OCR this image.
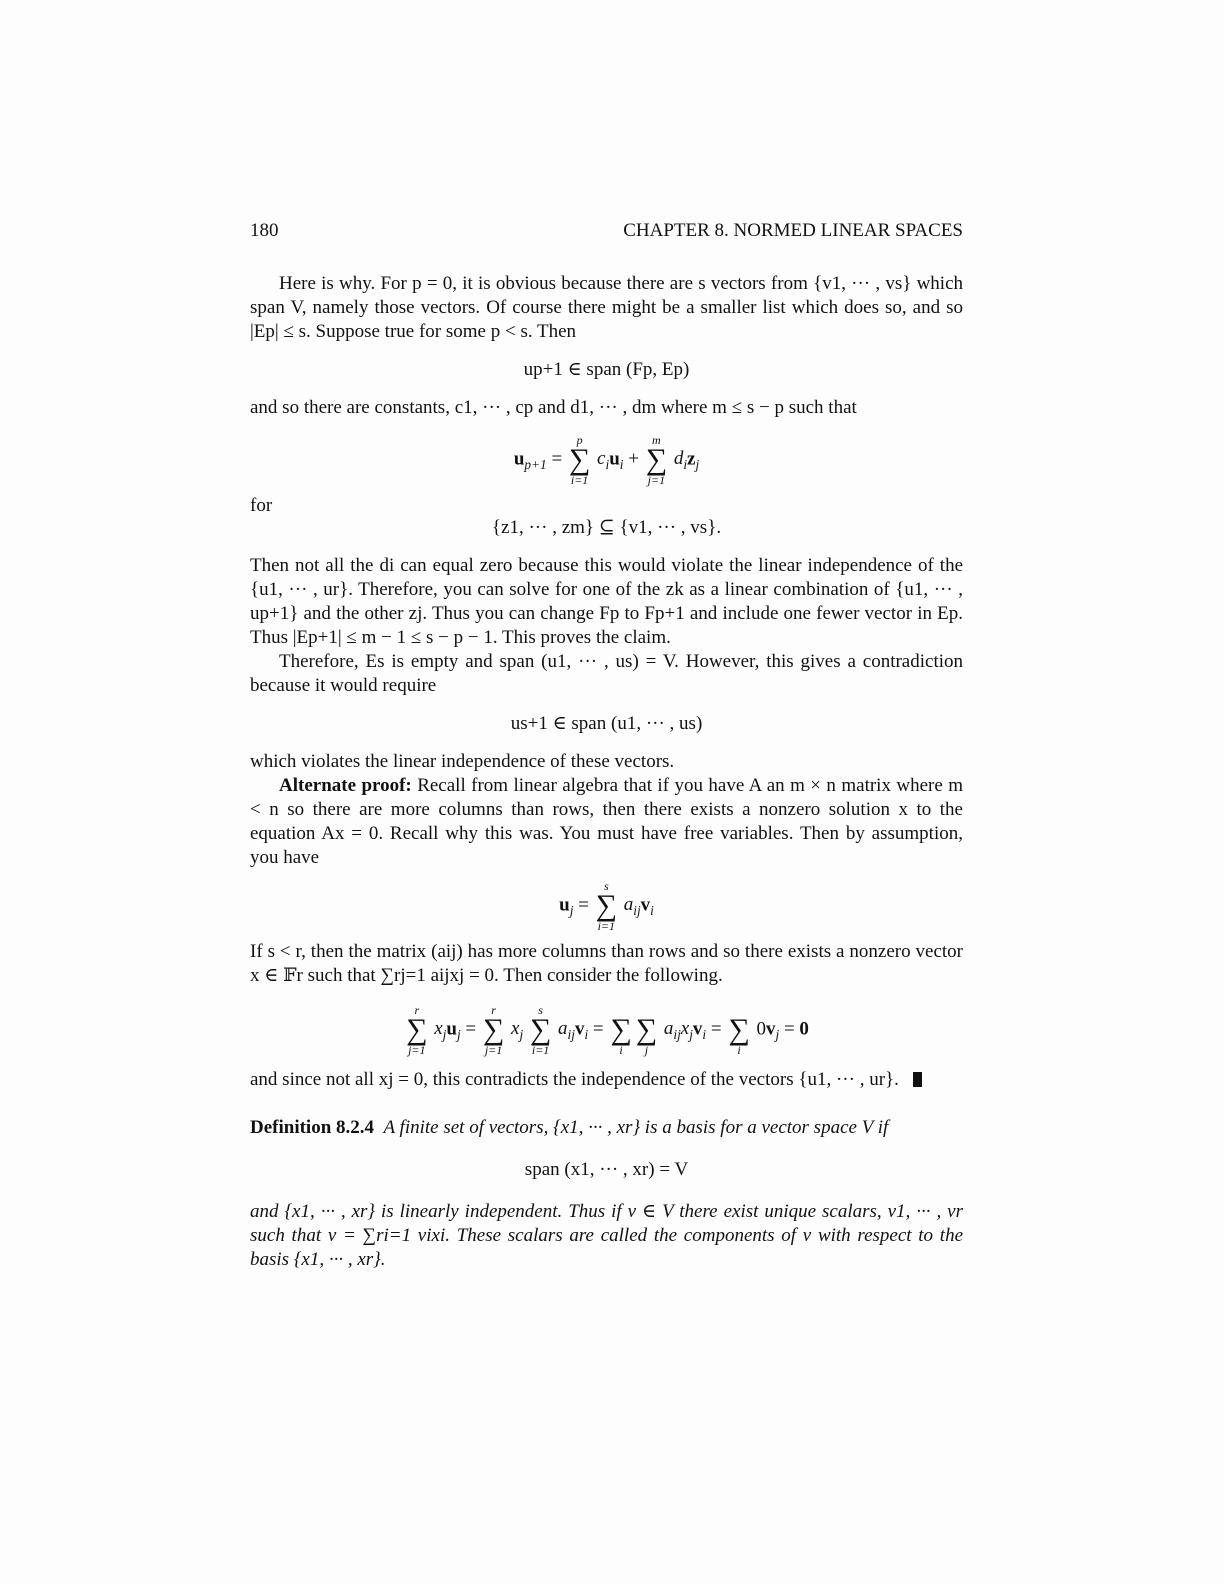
180	CHAPTER 8. NORMED LINEAR SPACES

Here is why. For p = 0, it is obvious because there are s vectors from {v1, ··· , vs} which span V, namely those vectors. Of course there might be a smaller list which does so, and so |Ep| ≤ s. Suppose true for some p < s. Then

up+1 ∈ span (Fp, Ep)

and so there are constants, c1, ··· , cp and d1, ··· , dm where m ≤ s − p such that

$u_{p+1}$ =
p
∑
i=1
$c_iu_i$ +
m
∑
j=1
$d_iz_j$

for

{z1, ··· , zm} ⊆ {v1, ··· , vs}.

Then not all the di can equal zero because this would violate the linear independence of the {u1, ··· , ur}. Therefore, you can solve for one of the zk as a linear combination of {u1, ··· , up+1} and the other zj. Thus you can change Fp to Fp+1 and include one fewer vector in Ep. Thus |Ep+1| ≤ m − 1 ≤ s − p − 1. This proves the claim.

Therefore, Es is empty and span (u1, ··· , us) = V. However, this gives a contradiction because it would require

us+1 ∈ span (u1, ··· , us)

which violates the linear independence of these vectors.

Alternate proof: Recall from linear algebra that if you have A an m × n matrix where m < n so there are more columns than rows, then there exists a nonzero solution x to the equation Ax = 0. Recall why this was. You must have free variables. Then by assumption, you have

$u_j$ =
s
∑
i=1
$a_{ij}v_i$

If s < r, then the matrix (aij) has more columns than rows and so there exists a nonzero vector x ∈ 𝔽r such that ∑rj=1 aijxj = 0. Then consider the following.

r
∑
j=1
$x_ju_j$ =
r
∑
j=1
$x_j$
s
∑
i=1
$a_{ij}v_i$ =
∑
i

∑
j
$a_{ij}x_jv_i$ =
∑
i
$0v_j = 0$

and since not all xj = 0, this contradicts the independence of the vectors {u1, ··· , ur}.

Definition 8.2.4 A finite set of vectors, {x1, ··· , xr} is a basis for a vector space V if

span (x1, ··· , xr) = V

and {x1, ··· , xr} is linearly independent. Thus if v ∈ V there exist unique scalars, v1, ··· , vr such that v = ∑ri=1 vixi. These scalars are called the components of v with respect to the basis {x1, ··· , xr}.
